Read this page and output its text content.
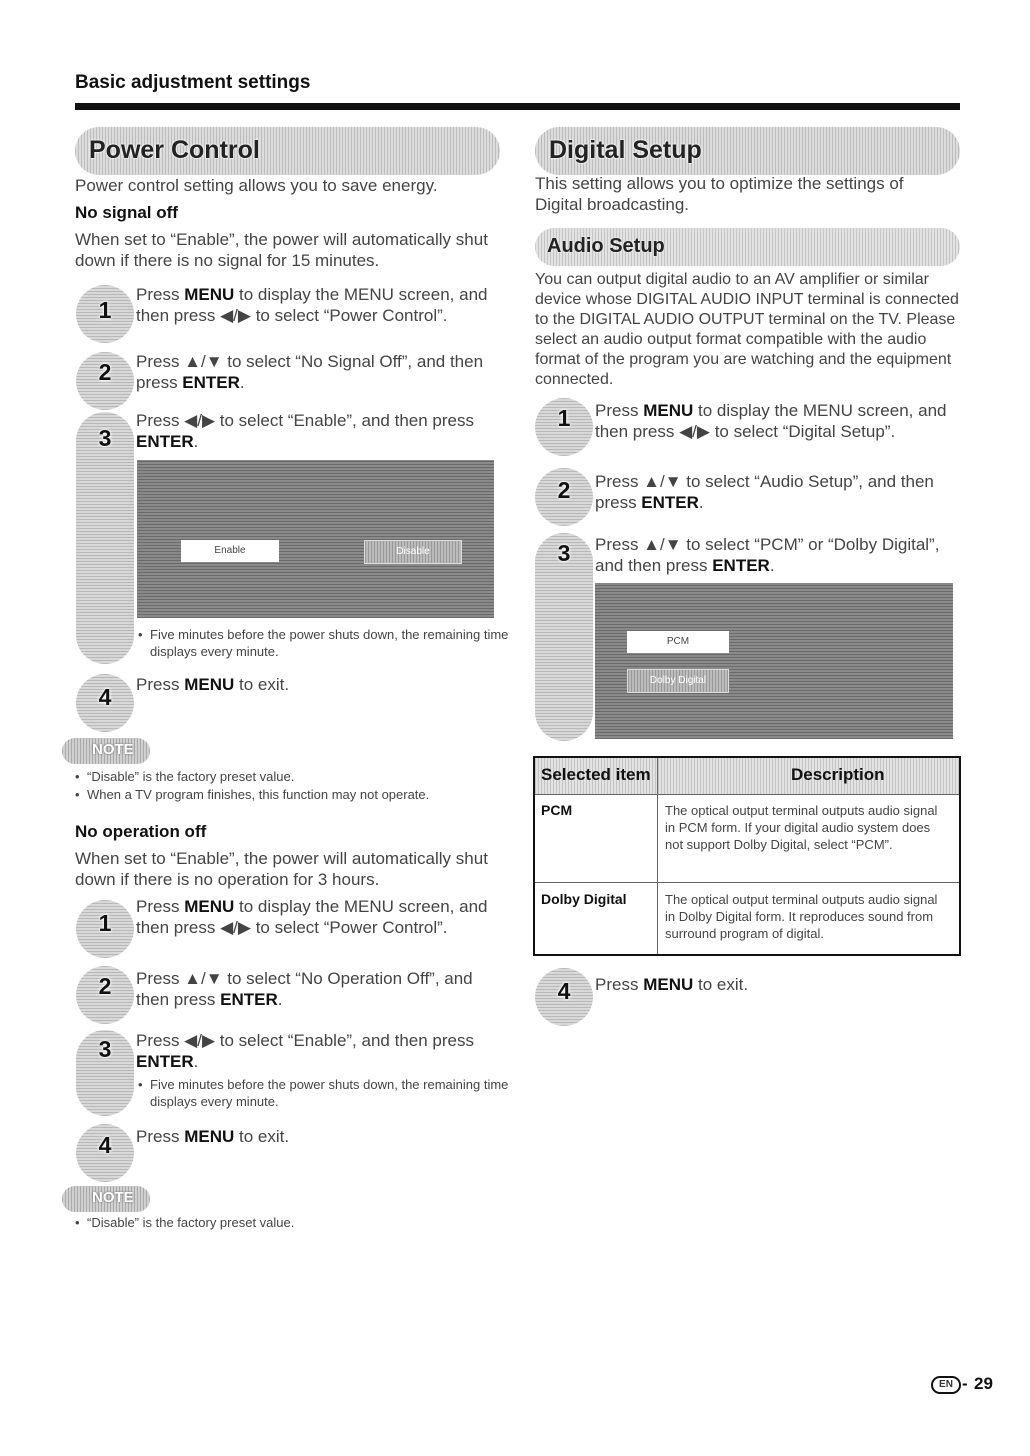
Basic adjustment settings
Power Control
Power control setting allows you to save energy.
No signal off
When set to “Enable”, the power will automatically shut down if there is no signal for 15 minutes.
1
Press MENU to display the MENU screen, and then press ◀/▶ to select “Power Control”.
2	Press ▲/▼ to select “No Signal Off”, and then press ENTER.
3
Press ◀/▶ to select “Enable”, and then press ENTER.
Enable	Disable
• Five minutes before the power shuts down, the remaining time displays every minute.
4	Press MENU to exit.
NOTE
• “Disable” is the factory preset value.
• When a TV program finishes, this function may not operate.
No operation off
When set to “Enable”, the power will automatically shut down if there is no operation for 3 hours.
1
Press MENU to display the MENU screen, and then press ◀/▶ to select “Power Control”.
2	Press ▲/▼ to select “No Operation Off”, and then press ENTER.
3	Press ◀/▶ to select “Enable”, and then press ENTER.
• Five minutes before the power shuts down, the remaining time displays every minute.
4	Press MENU to exit.
NOTE
• “Disable” is the factory preset value.
Digital Setup
This setting allows you to optimize the settings of Digital broadcasting.
Audio Setup
You can output digital audio to an AV amplifier or similar device whose DIGITAL AUDIO INPUT terminal is connected to the DIGITAL AUDIO OUTPUT terminal on the TV. Please select an audio output format compatible with the audio format of the program you are watching and the equipment connected.
1	Press MENU to display the MENU screen, and then press ◀/▶ to select “Digital Setup”.
2	Press ▲/▼ to select “Audio Setup”, and then press ENTER.
3	Press ▲/▼ to select “PCM” or “Dolby Digital”, and then press ENTER.
PCM
Dolby Digital
Selected item	Description
PCM	The optical output terminal outputs audio signal in PCM form. If your digital audio system does not support Dolby Digital, select “PCM”.
Dolby Digital	The optical output terminal outputs audio signal in Dolby Digital form. It reproduces sound from surround program of digital.
4	Press MENU to exit.
EN - 29
